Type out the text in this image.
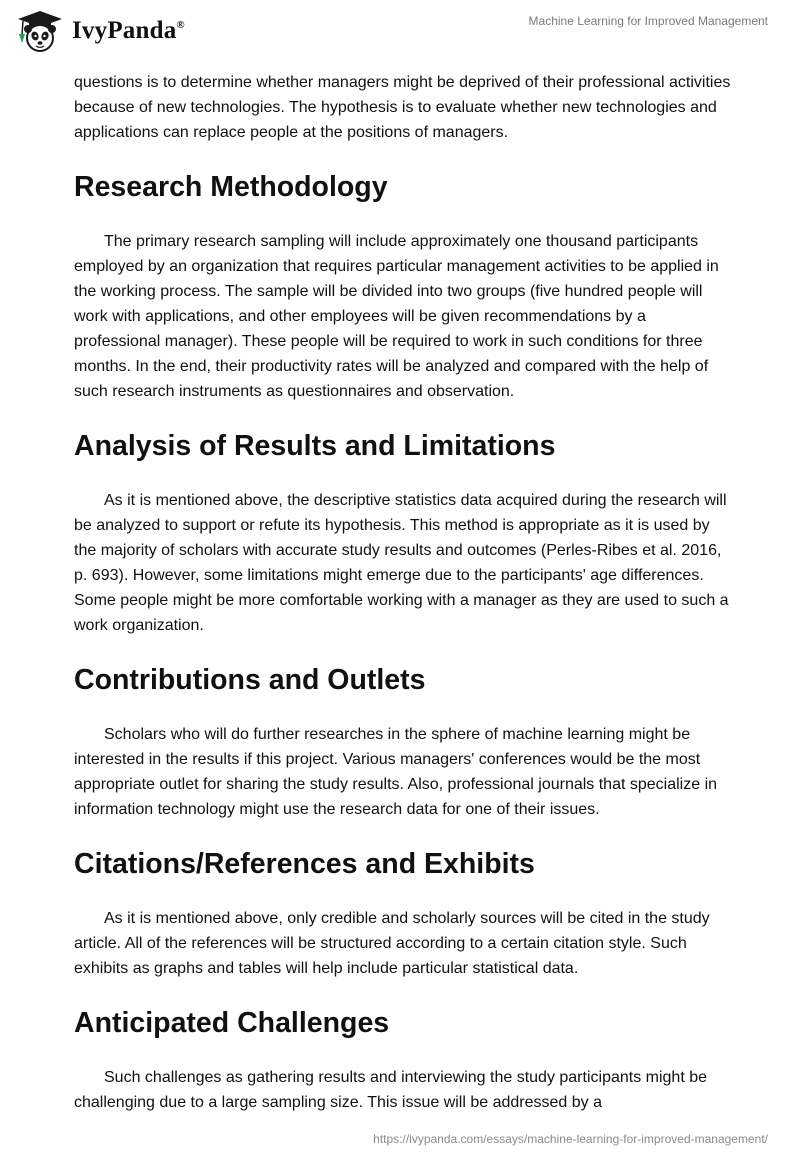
IvyPanda®	Machine Learning for Improved Management

questions is to determine whether managers might be deprived of their professional activities because of new technologies. The hypothesis is to evaluate whether new technologies and applications can replace people at the positions of managers.

Research Methodology

The primary research sampling will include approximately one thousand participants employed by an organization that requires particular management activities to be applied in the working process. The sample will be divided into two groups (five hundred people will work with applications, and other employees will be given recommendations by a professional manager). These people will be required to work in such conditions for three months. In the end, their productivity rates will be analyzed and compared with the help of such research instruments as questionnaires and observation.

Analysis of Results and Limitations

As it is mentioned above, the descriptive statistics data acquired during the research will be analyzed to support or refute its hypothesis. This method is appropriate as it is used by the majority of scholars with accurate study results and outcomes (Perles-Ribes et al. 2016, p. 693). However, some limitations might emerge due to the participants' age differences. Some people might be more comfortable working with a manager as they are used to such a work organization.

Contributions and Outlets

Scholars who will do further researches in the sphere of machine learning might be interested in the results if this project. Various managers' conferences would be the most appropriate outlet for sharing the study results. Also, professional journals that specialize in information technology might use the research data for one of their issues.

Citations/References and Exhibits

As it is mentioned above, only credible and scholarly sources will be cited in the study article. All of the references will be structured according to a certain citation style. Such exhibits as graphs and tables will help include particular statistical data.

Anticipated Challenges

Such challenges as gathering results and interviewing the study participants might be challenging due to a large sampling size. This issue will be addressed by a

https://ivypanda.com/essays/machine-learning-for-improved-management/
